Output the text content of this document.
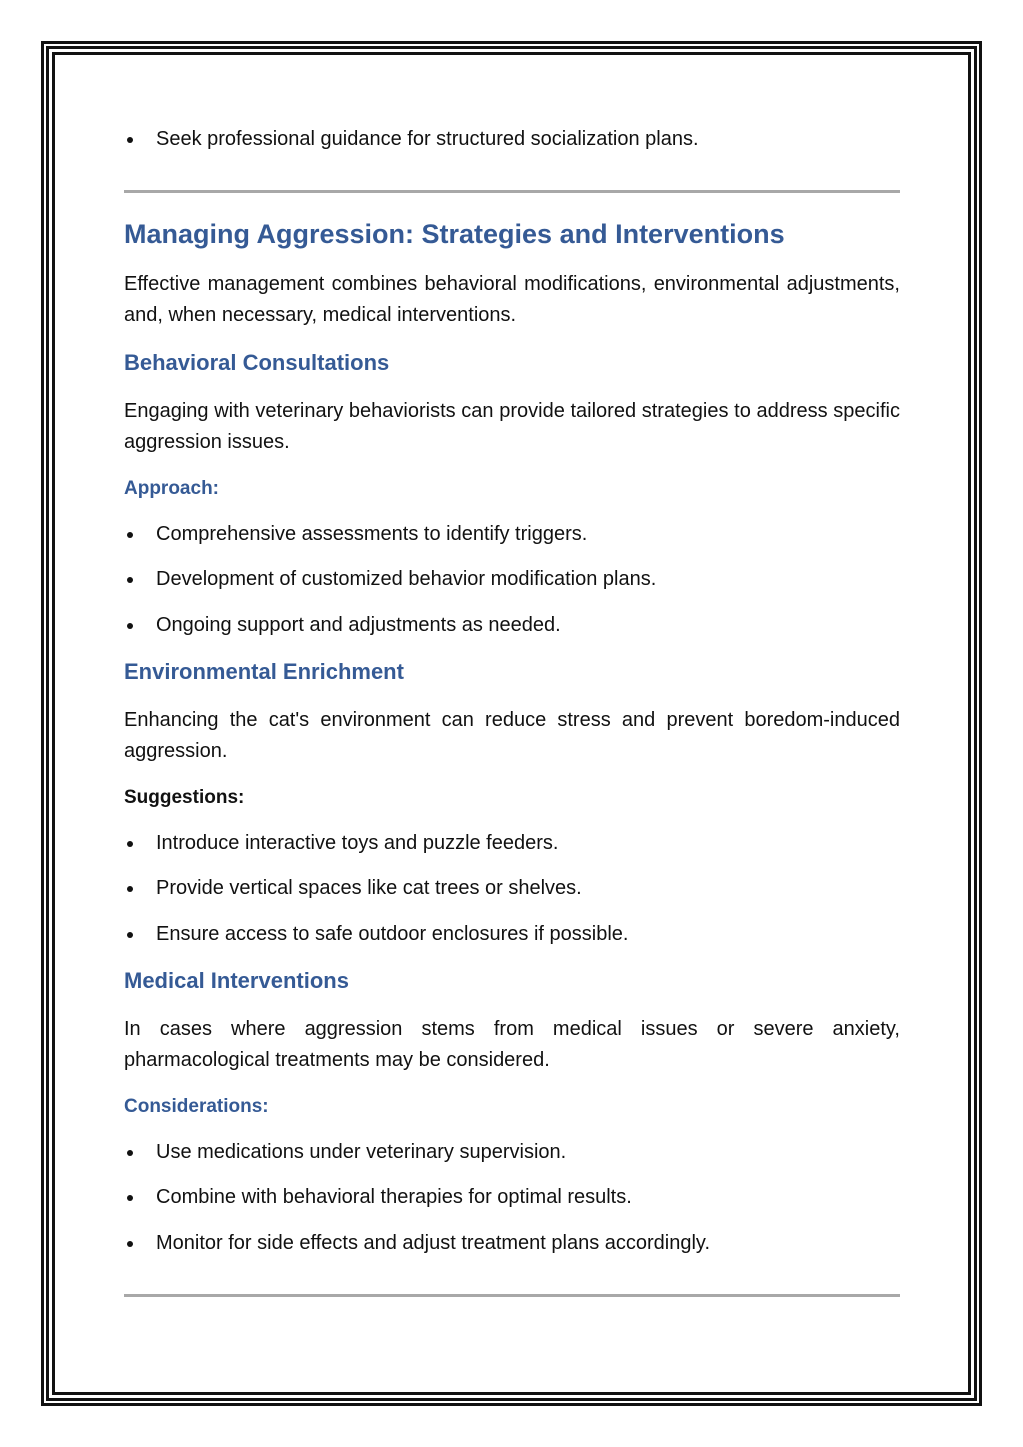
Seek professional guidance for structured socialization plans.
Managing Aggression: Strategies and Interventions
Effective management combines behavioral modifications, environmental adjustments, and, when necessary, medical interventions.
Behavioral Consultations
Engaging with veterinary behaviorists can provide tailored strategies to address specific aggression issues.
Approach:
Comprehensive assessments to identify triggers.
Development of customized behavior modification plans.
Ongoing support and adjustments as needed.
Environmental Enrichment
Enhancing the cat's environment can reduce stress and prevent boredom-induced aggression.
Suggestions:
Introduce interactive toys and puzzle feeders.
Provide vertical spaces like cat trees or shelves.
Ensure access to safe outdoor enclosures if possible.
Medical Interventions
In cases where aggression stems from medical issues or severe anxiety, pharmacological treatments may be considered.
Considerations:
Use medications under veterinary supervision.
Combine with behavioral therapies for optimal results.
Monitor for side effects and adjust treatment plans accordingly.
